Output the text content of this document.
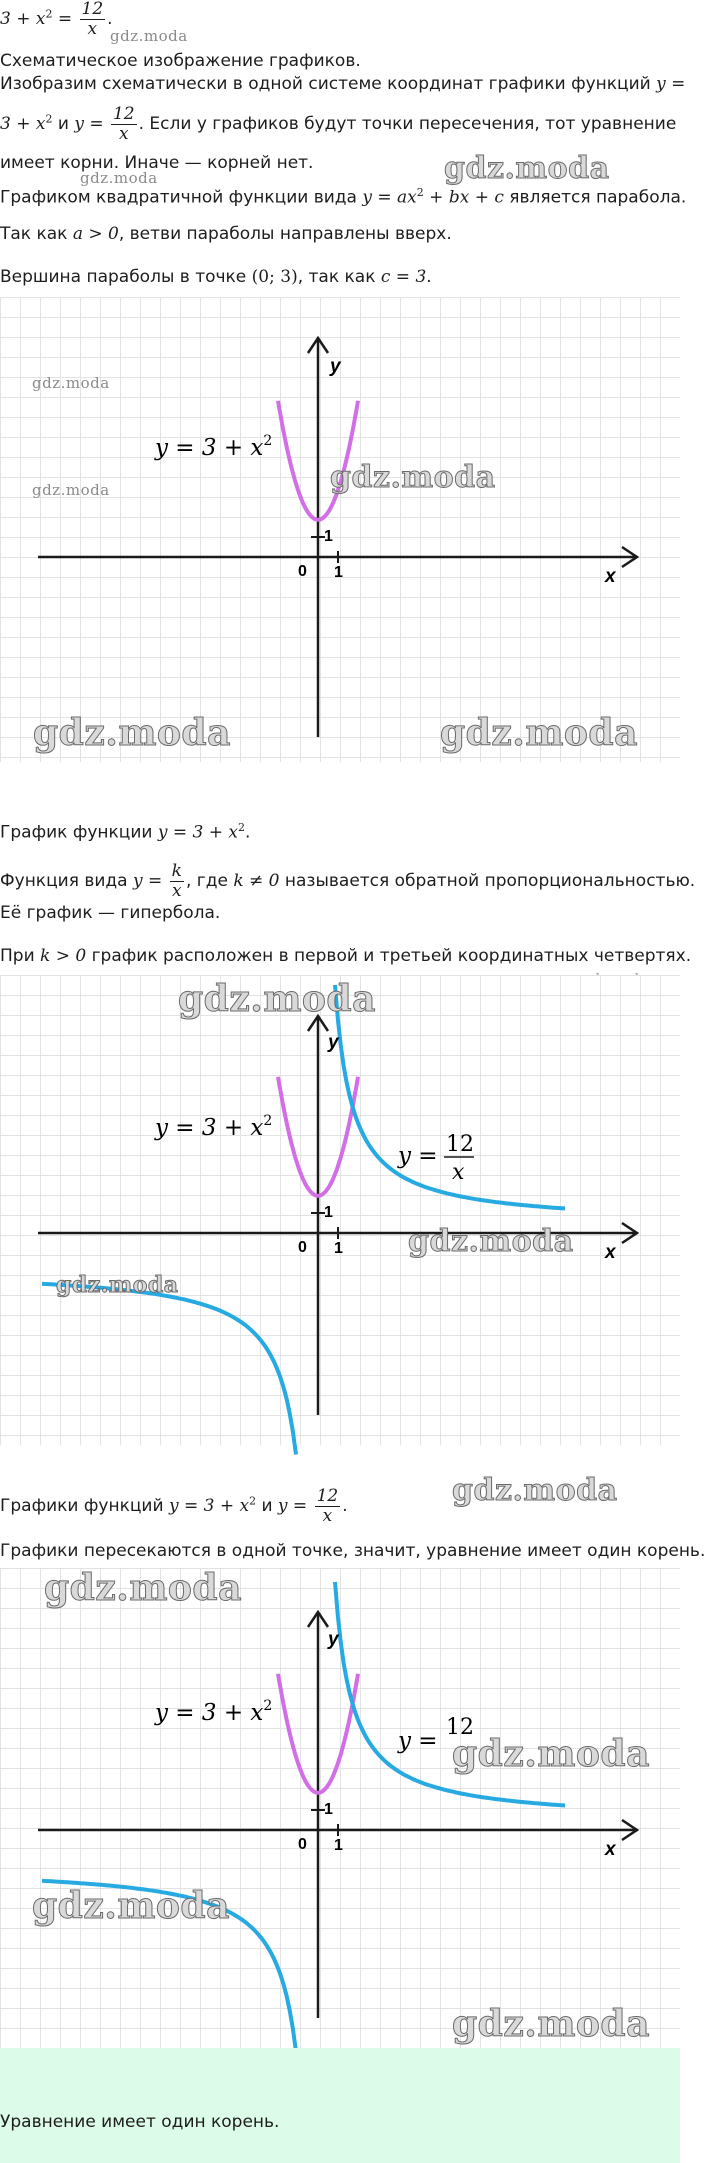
$3 + x^2 = \frac{12}{x}$ .
gdz.moda

Схематическое изображение графиков.

Изобразим схематически в одной системе координат графики функций y =
$3 + x^2$ и $y = \frac{12}{x}$ . Если у графиков будут точки пересечения, тот уравнение
имеет корни. Иначе — корней нет.
gdz.moda	gdz.moda
Графиком квадратичной функции вида $y = ax^2$ + bx + c является парабола.
Так как a > 0, ветви параболы направлены вверх.
Вершина параболы в точке (0; 3), так как c = 3.
y
x
0 1
1
$y = 3 + x^2$
gdz.moda
gdz.moda	gdz.moda
gdz.moda	gdz.moda
График функции $y = 3 + x^2$.
Функция вида $y = \frac{k}{x}$ , где k ≠ 0 называется обратной пропорциональностью.

Её график — гипербола.

При k > 0 график расположен в первой и третьей координатных четвертях.
y
x
0 1
1
$y = 3 + x^2$
y = 12
x
gdz.moda
gdz.moda
gdz.moda
gdz.moda
Графики функций $y = 3 + x^2$ и $y = \frac{12}{x}$ .

Графики пересекаются в одной точке, значит, уравнение имеет один корень.

y
x
0 1
1
$y = 3 + x^2$
y =
12
gdz.moda
gdz.moda
gdz.moda
gdz.moda

Уравнение имеет один корень.
